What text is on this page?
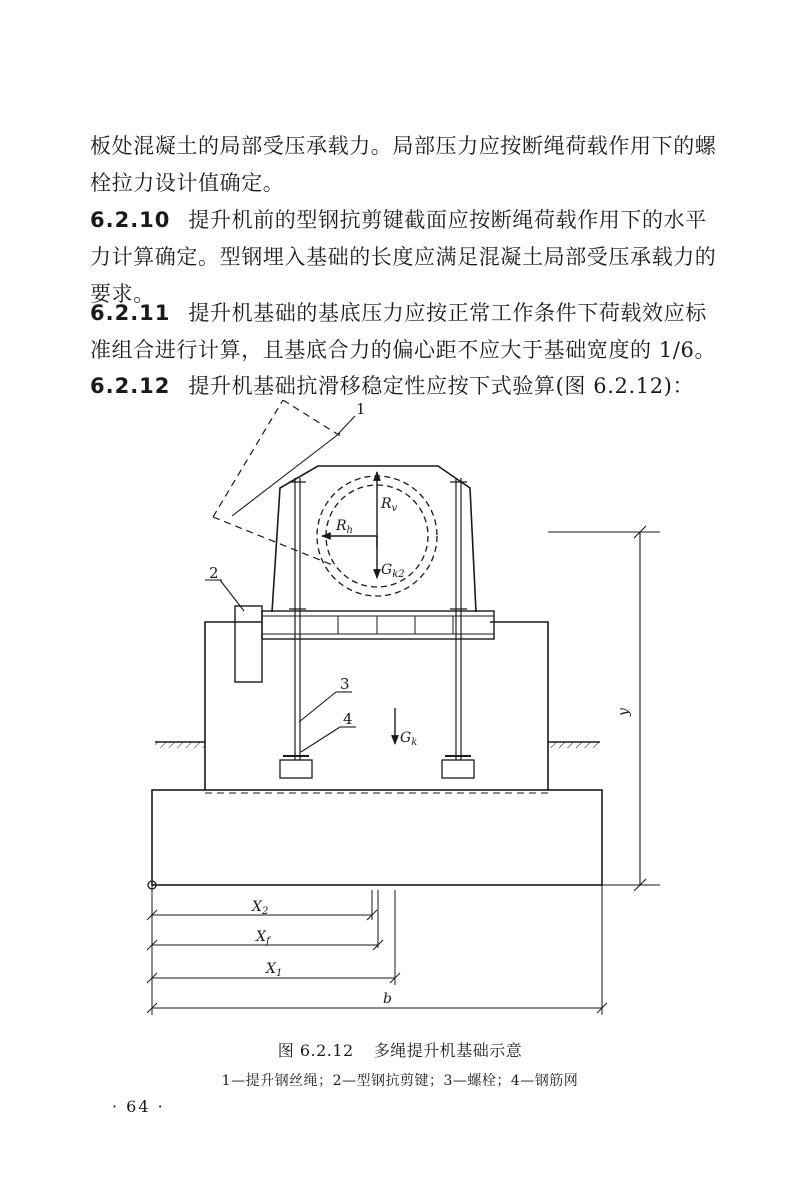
板处混凝土的局部受压承载力。局部压力应按断绳荷载作用下的螺栓拉力设计值确定。

6.2.10 提升机前的型钢抗剪键截面应按断绳荷载作用下的水平力计算确定。型钢埋入基础的长度应满足混凝土局部受压承载力的要求。

6.2.11 提升机基础的基底压力应按正常工作条件下荷载效应标准组合进行计算，且基底合力的偏心距不应大于基础宽度的 1/6。

6.2.12 提升机基础抗滑移稳定性应按下式验算(图 6.2.12)：

1
2
3
4
$R_v$
$R_h$
$G_{k2}$
$G_k$
$X_2$
$X_f$
$X_1$
b
y
图 6.2.12 多绳提升机基础示意
1—提升钢丝绳；2—型钢抗剪键；3—螺栓；4—钢筋网
· 64 ·
